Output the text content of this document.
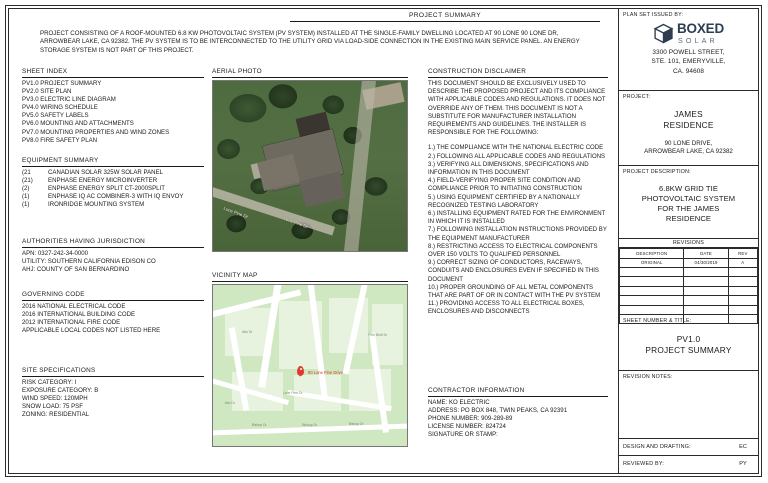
PROJECT SUMMARY
PROJECT CONSISTING OF A ROOF-MOUNTED 6.8 KW PHOTOVOLTAIC SYSTEM (PV SYSTEM) INSTALLED AT THE SINGLE-FAMILY DWELLING LOCATED AT 90 LONE 90 LONE DR, ARROWBEAR LAKE, CA 92382. THE PV SYSTEM IS TO BE INTERCONNECTED TO THE UTILITY GRID VIA LOAD-SIDE CONNECTION IN THE EXISTING MAIN SERVICE PANEL. AN ENERGY STORAGE SYSTEM IS NOT PART OF THIS PROJECT.
SHEET INDEX
PV1.0 PROJECT SUMMARY
PV2.0 SITE PLAN
PV3.0 ELECTRIC LINE DIAGRAM
PV4.0 WIRING SCHEDULE
PV5.0 SAFETY LABELS
PV6.0 MOUNTING AND ATTACHMENTS
PV7.0 MOUNTING PROPERTIES AND WIND ZONES
PV8.0 FIRE SAFETY PLAN
EQUIPMENT SUMMARY
(21	CANADIAN SOLAR 325W SOLAR PANEL
(21)	ENPHASE ENERGY MICROINVERTER
(2)	ENPHASE ENERGY SPLIT CT-2000SPLIT
(1)	ENPHASE IQ AC COMBINER-3 WITH IQ ENVOY
(1)	IRONRIDGE MOUNTING SYSTEM
AUTHORITIES HAVING JURISDICTION
APN: 0327-242-34-0000
UTILITY: SOUTHERN CALIFORNIA EDISON CO
AHJ: COUNTY OF SAN BERNARDINO
GOVERNING CODE
2016 NATIONAL ELECTRICAL CODE
2016 INTERNATIONAL BUILDING CODE
2012 INTERNATIONAL FIRE CODE
APPLICABLE LOCAL CODES NOT LISTED HERE
SITE SPECIFICATIONS
RISK CATEGORY: I
EXPOSURE CATEGORY: B
WIND SPEED: 120MPH
SNOW LOAD: 75 PSF
ZONING: RESIDENTIAL
AERIAL PHOTO
Lone Pine Dr
Lone Pine Dr
VICINITY MAP
90 Lone Pine Drive
Alto Dr
Alto Dr
Lone Pine Dr
Bishop Dr	Bishop Dr	Bishop Dr
Pine Bluff Dr
CONSTRUCTION DISCLAIMER
THIS DOCUMENT SHOULD BE EXCLUSIVELY USED TO DESCRIBE THE PROPOSED PROJECT AND ITS COMPLIANCE WITH APPLICABLE CODES AND REGULATIONS. IT DOES NOT OVERRIDE ANY OF THEM. THIS DOCUMENT IS NOT A SUBSTITUTE FOR MANUFACTURER INSTALLATION REQUIREMENTS AND GUIDELINES. THE INSTALLER IS RESPONSIBLE FOR THE FOLLOWING:
1.) THE COMPLIANCE WITH THE NATIONAL ELECTRIC CODE
2.) FOLLOWING ALL APPLICABLE CODES AND REGULATIONS
3.) VERIFYING ALL DIMENSIONS, SPECIFICATIONS AND INFORMATION IN THIS DOCUMENT
4.) FIELD-VERIFYING PROPER SITE CONDITION AND COMPLIANCE PRIOR TO INITIATING CONSTRUCTION
5.) USING EQUIPMENT CERTIFIED BY A NATIONALLY RECOGNIZED TESTING LABORATORY
6.) INSTALLING EQUIPMENT RATED FOR THE ENVIRONMENT IN WHICH IT IS INSTALLED
7.) FOLLOWING INSTALLATION INSTRUCTIONS PROVIDED BY THE EQUIPMENT MANUFACTURER
8.) RESTRICTING ACCESS TO ELECTRICAL COMPONENTS OVER 150 VOLTS TO QUALIFIED PERSONNEL
9.) CORRECT SIZING OF CONDUCTORS, RACEWAYS, CONDUITS AND ENCLOSURES EVEN IF SPECIFIED IN THIS DOCUMENT
10.) PROPER GROUNDING OF ALL METAL COMPONENTS THAT ARE PART OF OR IN CONTACT WITH THE PV SYSTEM
11.) PROVIDING ACCESS TO ALL ELECTRICAL BOXES, ENCLOSURES AND DISCONNECTS
CONTRACTOR INFORMATION
NAME: KO ELECTRIC
ADDRESS: PO BOX 848, TWIN PEAKS, CA 92391
PHONE NUMBER: 909-289-89
LICENSE NUMBER: 824724
SIGNATURE OR STAMP:
PLAN SET ISSUED BY:
BOXED
SOLAR
3300 POWELL STREET,
STE. 101, EMERYVILLE,
CA. 94608
PROJECT:
JAMES
RESIDENCE
90 LONE DRIVE,
ARROWBEAR LAKE, CA 92382
PROJECT DESCRIPTION:
6.8KW GRID TIE
PHOTOVOLTAIC SYSTEM
FOR THE JAMES
RESIDENCE
REVISIONS
DESCRIPTION	DATE	REV
ORIGINAL	04/30/2019	A

SHEET NUMBER & TITLE:
PV1.0
PROJECT SUMMARY
REVISION NOTES:
DESIGN AND DRAFTING:	EC
REVIEWED BY:	PY
